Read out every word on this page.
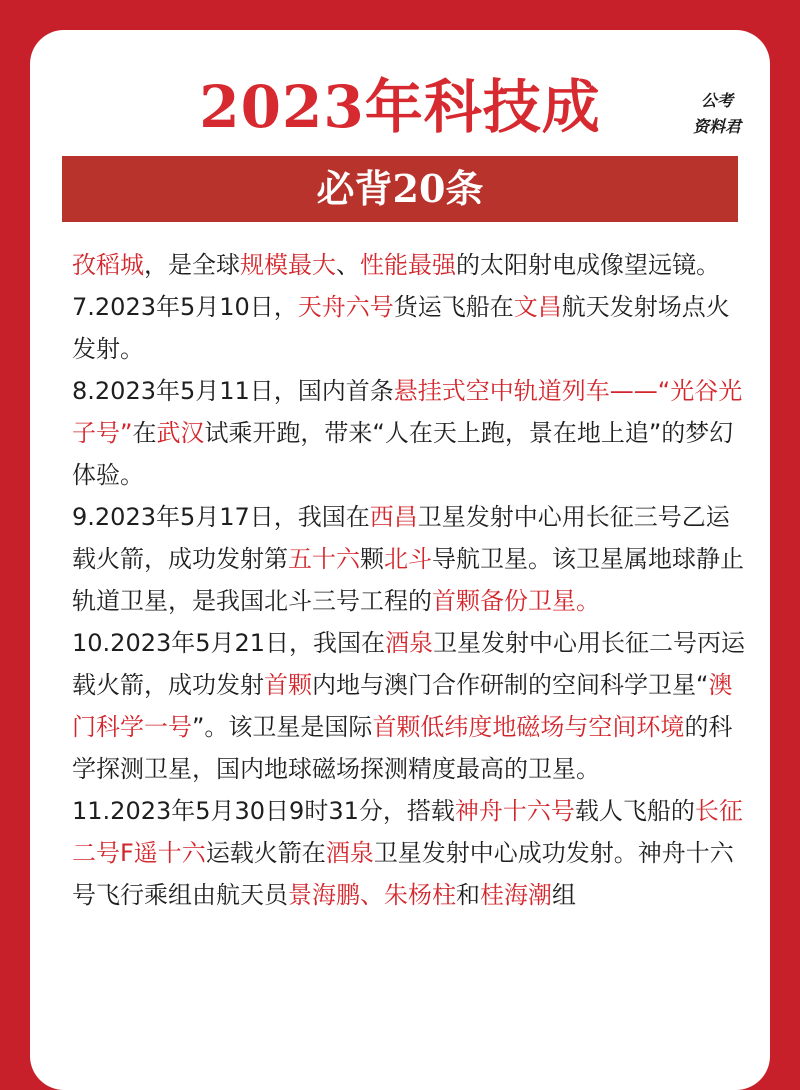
2023年科技成	公考
资料君
必背20条

孜稻城，是全球规模最大、性能最强的太阳射电成像望远镜。

7.2023年5月10日，天舟六号货运飞船在文昌航天发射场点火发射。

8.2023年5月11日，国内首条悬挂式空中轨道列车——“光谷光子号”在武汉试乘开跑，带来“人在天上跑，景在地上追”的梦幻体验。

9.2023年5月17日，我国在西昌卫星发射中心用长征三号乙运载火箭，成功发射第五十六颗北斗导航卫星。该卫星属地球静止轨道卫星，是我国北斗三号工程的首颗备份卫星。

10.2023年5月21日，我国在酒泉卫星发射中心用长征二号丙运载火箭，成功发射首颗内地与澳门合作研制的空间科学卫星“澳门科学一号”。该卫星是国际首颗低纬度地磁场与空间环境的科学探测卫星，国内地球磁场探测精度最高的卫星。

11.2023年5月30日9时31分，搭载神舟十六号载人飞船的长征二号F遥十六运载火箭在酒泉卫星发射中心成功发射。神舟十六号飞行乘组由航天员景海鹏、朱杨柱和桂海潮组
